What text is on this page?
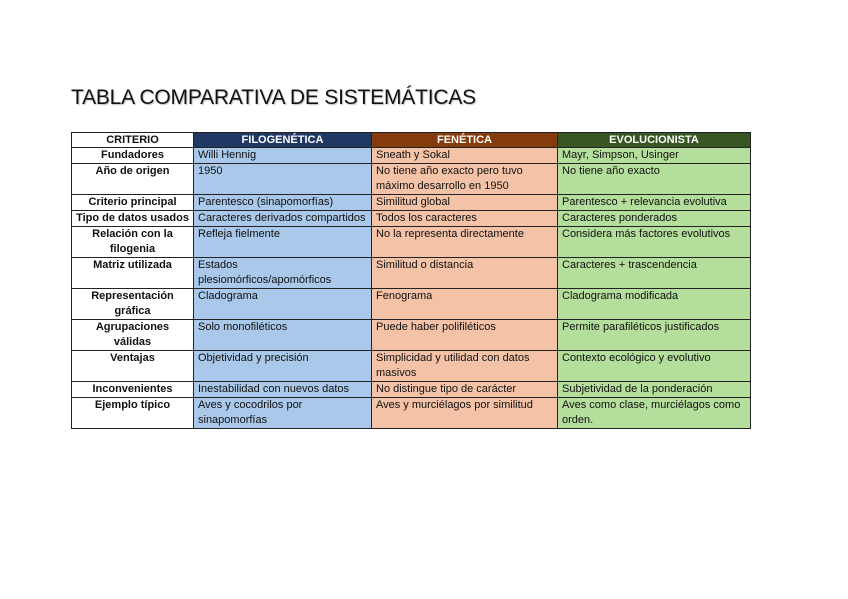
TABLA COMPARATIVA DE SISTEMÁTICAS
CRITERIO	FILOGENÉTICA	FENÉTICA	EVOLUCIONISTA
Fundadores	Willi Hennig	Sneath y Sokal	Mayr, Simpson, Usinger
Año de origen	1950	No tiene año exacto pero tuvo máximo desarrollo en 1950	No tiene año exacto
Criterio principal	Parentesco (sinapomorfías)	Similitud global	Parentesco + relevancia evolutiva
Tipo de datos usados	Caracteres derivados compartidos	Todos los caracteres	Caracteres ponderados
Relación con la filogenia	Refleja fielmente	No la representa directamente	Considera más factores evolutivos
Matriz utilizada	Estados plesiomórficos/apomórficos	Similitud o distancia	Caracteres + trascendencia
Representación gráfica	Cladograma	Fenograma	Cladograma modificada
Agrupaciones válidas	Solo monofiléticos	Puede haber polifiléticos	Permite parafiléticos justificados
Ventajas	Objetividad y precisión	Simplicidad y utilidad con datos masivos	Contexto ecológico y evolutivo
Inconvenientes	Inestabilidad con nuevos datos	No distingue tipo de carácter	Subjetividad de la ponderación
Ejemplo típico	Aves y cocodrilos por sinapomorfías	Aves y murciélagos por similitud	Aves como clase, murciélagos como orden.
